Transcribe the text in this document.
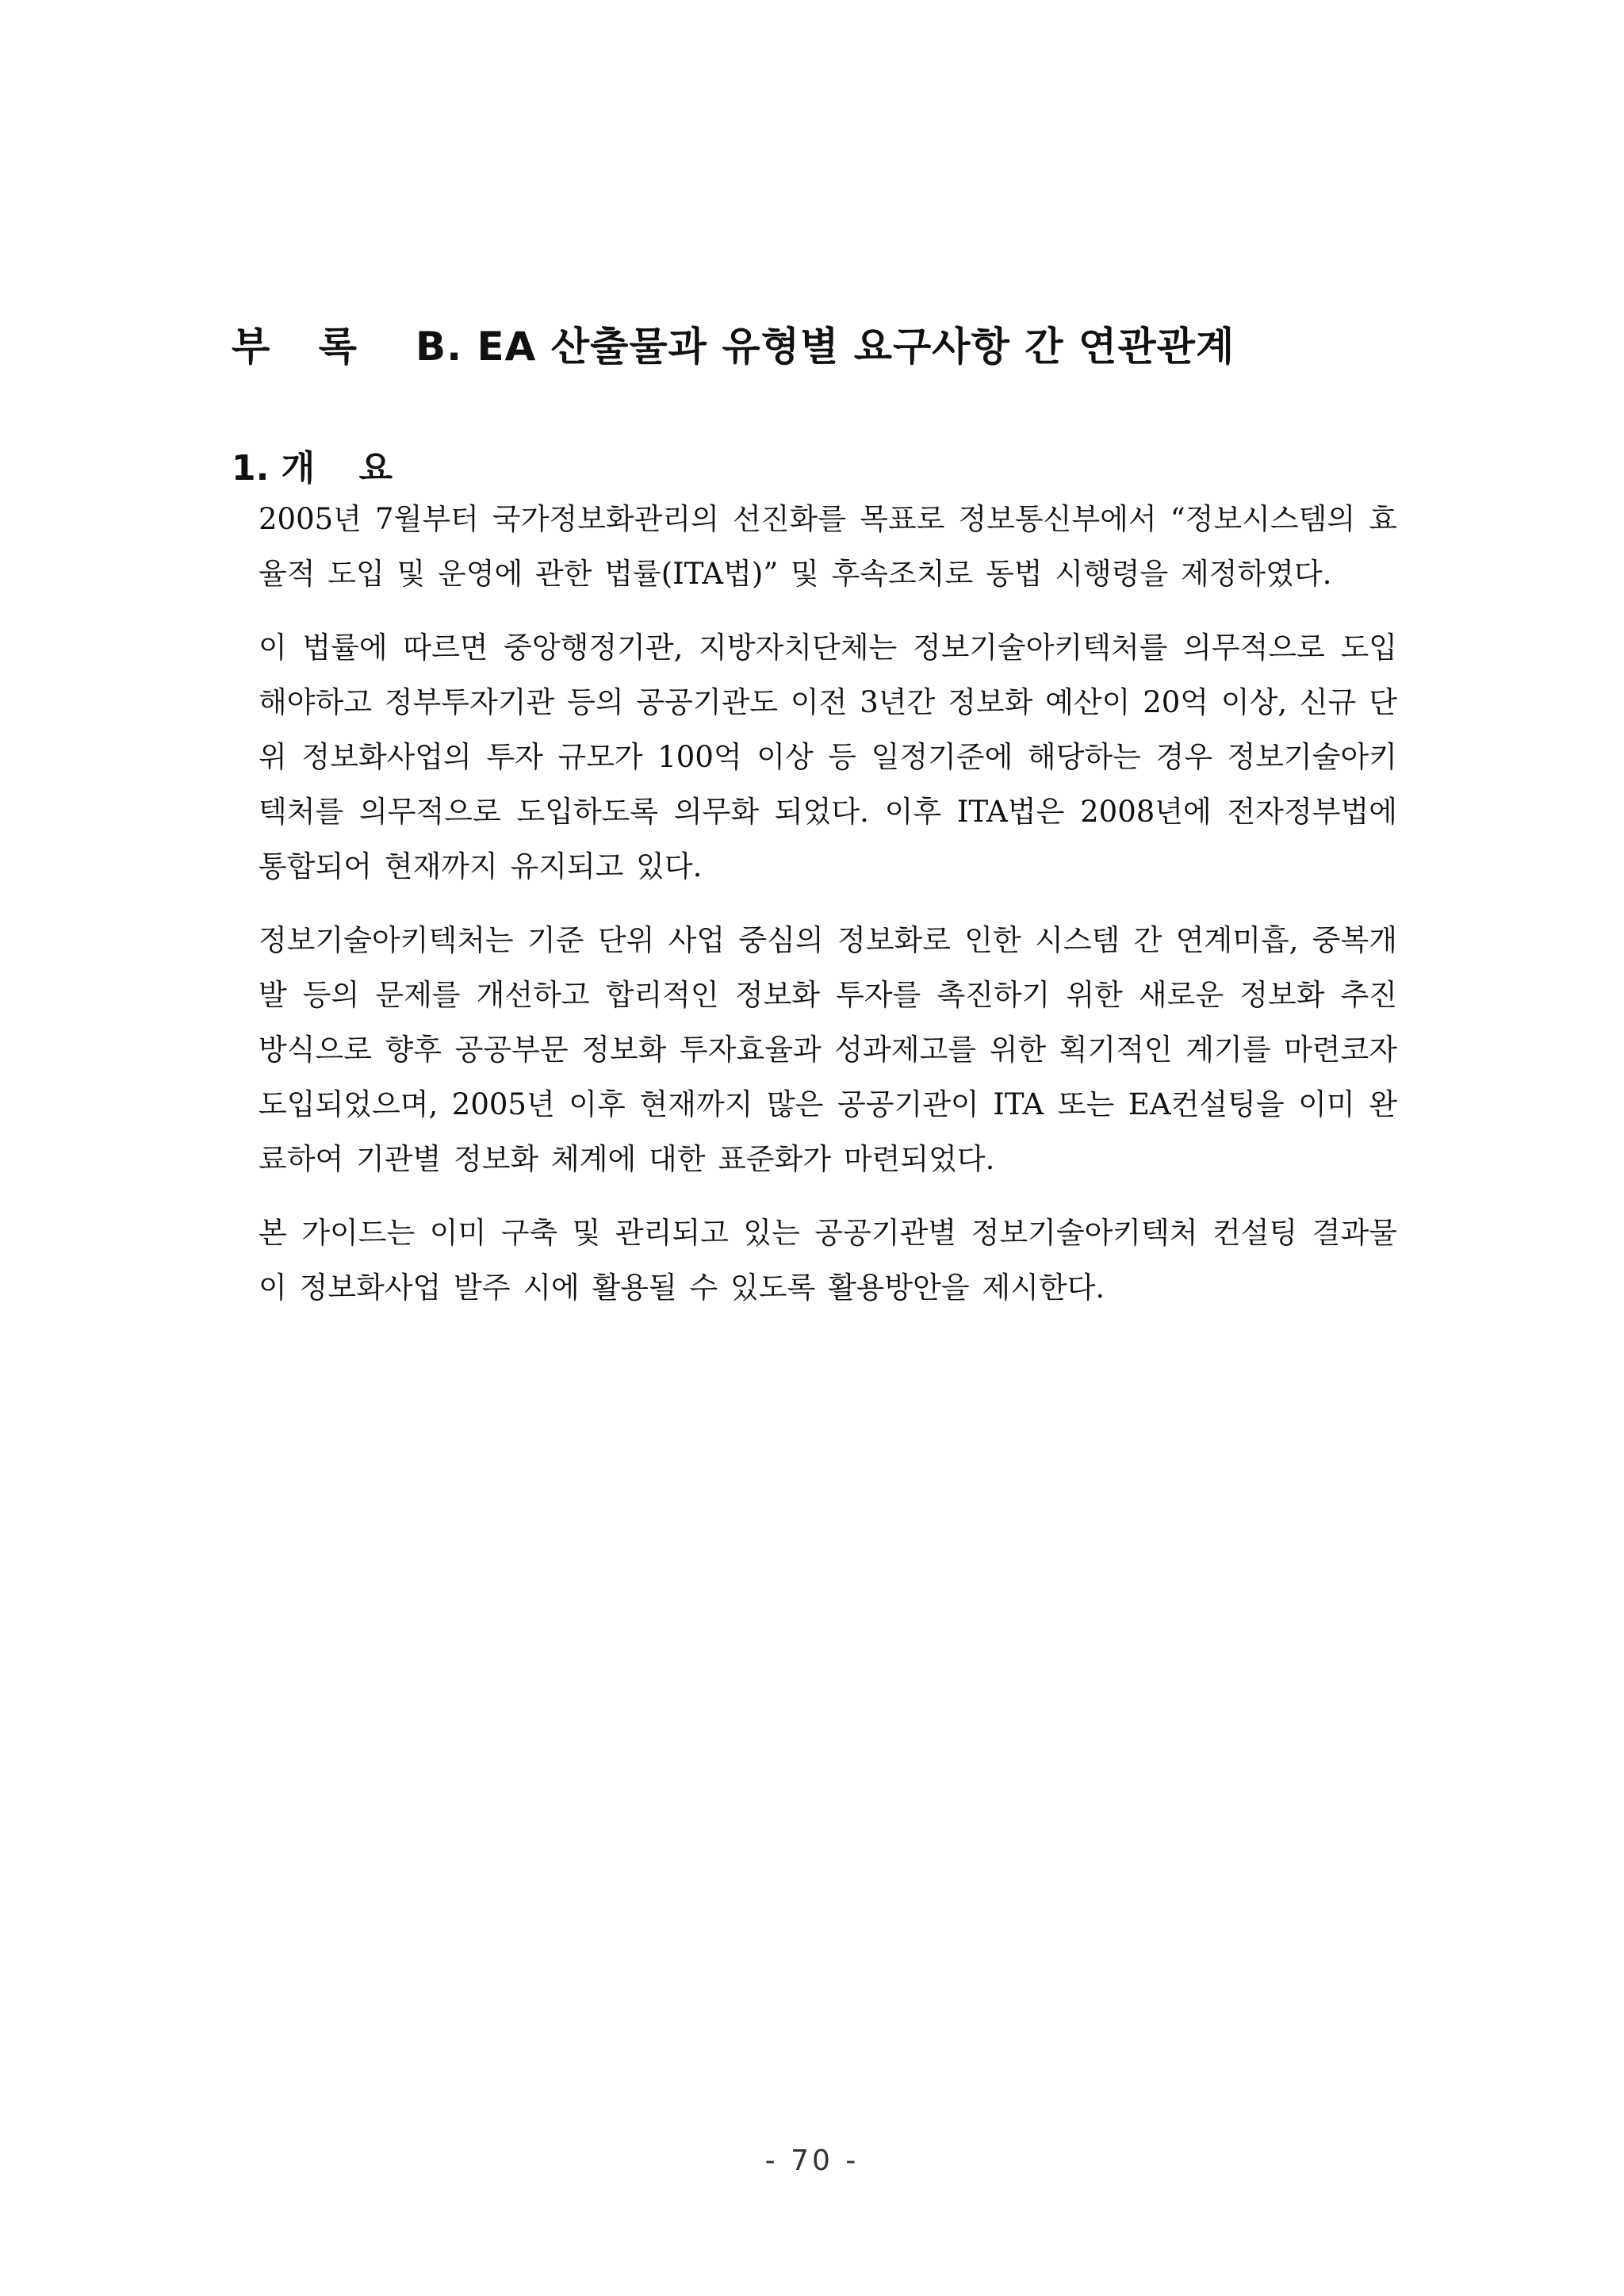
부 록 B. EA 산출물과 유형별 요구사항 간 연관관계
1. 개 요

2005년 7월부터 국가정보화관리의 선진화를 목표로 정보통신부에서 “정보시스템의 효율적 도입 및 운영에 관한 법률(ITA법)” 및 후속조치로 동법 시행령을 제정하였다.

이 법률에 따르면 중앙행정기관, 지방자치단체는 정보기술아키텍처를 의무적으로 도입해야하고 정부투자기관 등의 공공기관도 이전 3년간 정보화 예산이 20억 이상, 신규 단위 정보화사업의 투자 규모가 100억 이상 등 일정기준에 해당하는 경우 정보기술아키텍처를 의무적으로 도입하도록 의무화 되었다. 이후 ITA법은 2008년에 전자정부법에 통합되어 현재까지 유지되고 있다.

정보기술아키텍처는 기준 단위 사업 중심의 정보화로 인한 시스템 간 연계미흡, 중복개발 등의 문제를 개선하고 합리적인 정보화 투자를 촉진하기 위한 새로운 정보화 추진 방식으로 향후 공공부문 정보화 투자효율과 성과제고를 위한 획기적인 계기를 마련코자 도입되었으며, 2005년 이후 현재까지 많은 공공기관이 ITA 또는 EA컨설팅을 이미 완료하여 기관별 정보화 체계에 대한 표준화가 마련되었다.

본 가이드는 이미 구축 및 관리되고 있는 공공기관별 정보기술아키텍처 컨설팅 결과물이 정보화사업 발주 시에 활용될 수 있도록 활용방안을 제시한다.

- 70 -
